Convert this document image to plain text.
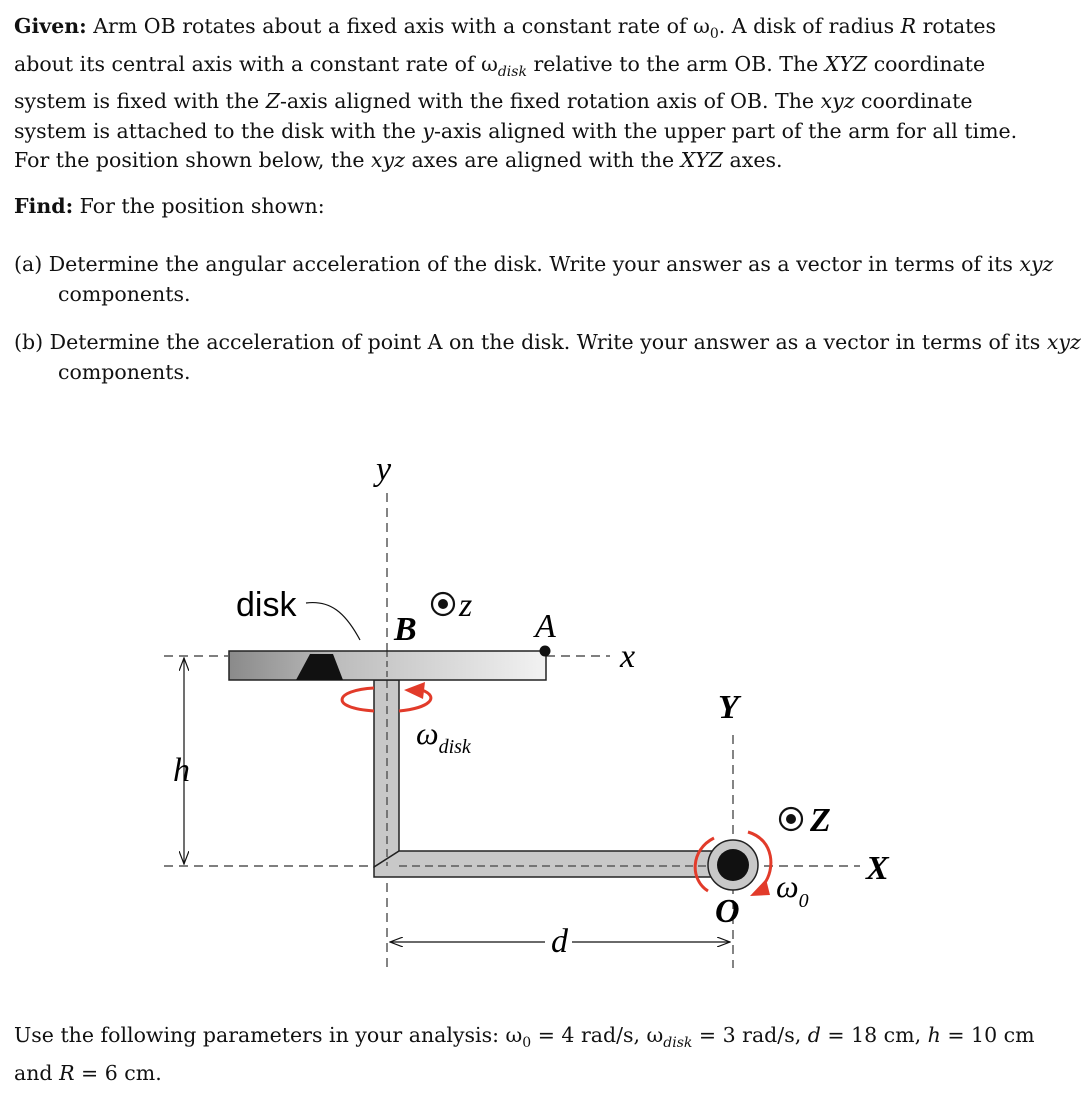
Given: Arm OB rotates about a fixed axis with a constant rate of $\omega_0$. A disk of radius R rotates about its central axis with a constant rate of $\omega_{disk}$ relative to the arm OB. The XYZ coordinate system is fixed with the Z-axis aligned with the fixed rotation axis of OB. The xyz coordinate system is attached to the disk with the y-axis aligned with the upper part of the arm for all time. For the position shown below, the xyz axes are aligned with the XYZ axes.
Find: For the position shown:
(a) Determine the angular acceleration of the disk. Write your answer as a vector in terms of its xyz components.
(b) Determine the acceleration of point A on the disk. Write your answer as a vector in terms of its xyz components.
disk
y
B
z
A
x
Y
$\omega_{disk}$
h
Z
X
$\omega_0$
O
d
Use the following parameters in your analysis: $\omega_0 = 4$ rad/s, $\omega_{disk} = 3$ rad/s, d = 18 cm, h = 10 cm and R = 6 cm.
